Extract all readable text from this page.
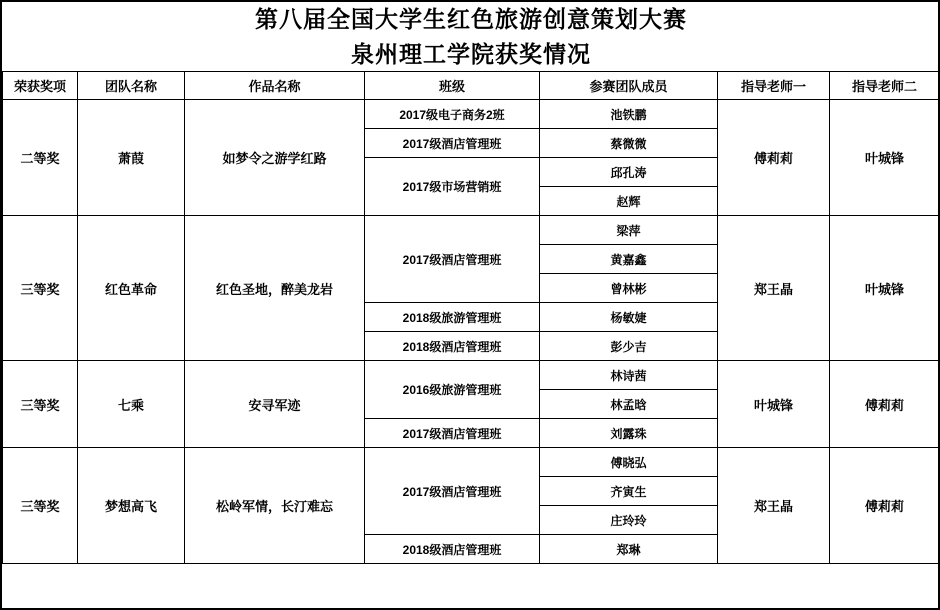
第八届全国大学生红色旅游创意策划大赛
泉州理工学院获奖情况						

荣获奖项	团队名称	作品名称	班级	参赛团队成员	指导老师一	指导老师二
二等奖	萧葭	如梦令之游学红路	2017级电子商务2班	池铁鹏	傅莉莉	叶城锋
			2017级酒店管理班	蔡微微		
			2017级市场营销班	邱孔涛		
				赵辉		
三等奖	红色革命	红色圣地，醉美龙岩	2017级酒店管理班	梁萍	郑王晶	叶城锋
				黄嘉鑫		
				曾林彬		
			2018级旅游管理班	杨敏婕		
			2018级酒店管理班	彭少吉		
三等奖	七乘	安寻军迹	2016级旅游管理班	林诗茜	叶城锋	傅莉莉
				林孟晗		
			2017级酒店管理班	刘露珠		
三等奖	梦想高飞	松岭军情，长汀难忘	2017级酒店管理班	傅晓弘	郑王晶	傅莉莉
				齐寅生		
				庄玲玲		
			2018级酒店管理班	郑琳		
